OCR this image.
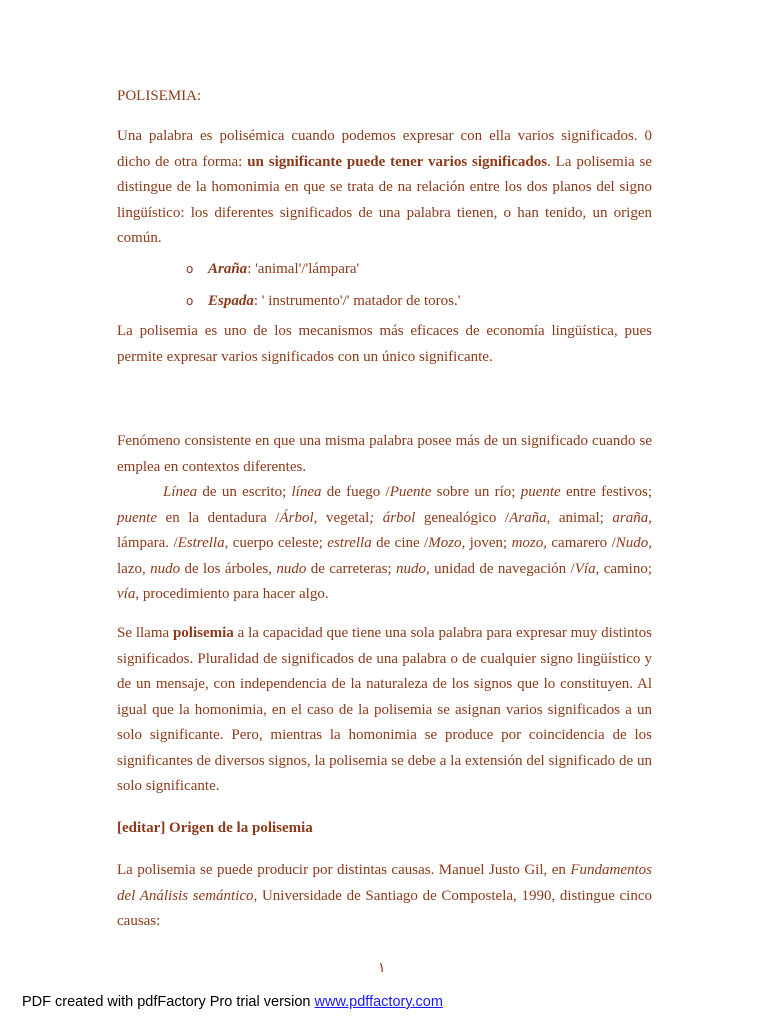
POLISEMIA:
Una palabra es polisémica cuando podemos expresar con ella varios significados. 0 dicho de otra forma: un significante puede tener varios significados. La polisemia se distingue de la homonimia en que se trata de na relación entre los dos planos del signo lingüístico: los diferentes significados de una palabra tienen, o han tenido, un origen común.
o Araña: 'animal'/'lámpara'
o Espada: ' instrumento'/' matador de toros.'
La polisemia es uno de los mecanismos más eficaces de economía lingüística, pues permite expresar varios significados con un único significante.
Fenómeno consistente en que una misma palabra posee más de un significado cuando se emplea en contextos diferentes.
Línea de un escrito; línea de fuego /Puente sobre un río; puente entre festivos; puente en la dentadura /Árbol, vegetal; árbol genealógico /Araña, animal; araña, lámpara. /Estrella, cuerpo celeste; estrella de cine /Mozo, joven; mozo, camarero /Nudo, lazo, nudo de los árboles, nudo de carreteras; nudo, unidad de navegación /Vía, camino; vía, procedimiento para hacer algo.
Se llama polisemia a la capacidad que tiene una sola palabra para expresar muy distintos significados. Pluralidad de significados de una palabra o de cualquier signo lingüístico y de un mensaje, con independencia de la naturaleza de los signos que lo constituyen. Al igual que la homonimia, en el caso de la polisemia se asignan varios significados a un solo significante. Pero, mientras la homonimia se produce por coincidencia de los significantes de diversos signos, la polisemia se debe a la extensión del significado de un solo significante.
[editar] Origen de la polisemia
La polisemia se puede producir por distintas causas. Manuel Justo Gil, en Fundamentos del Análisis semántico, Universidade de Santiago de Compostela, 1990, distingue cinco causas:
١
PDF created with pdfFactory Pro trial version www.pdffactory.com
